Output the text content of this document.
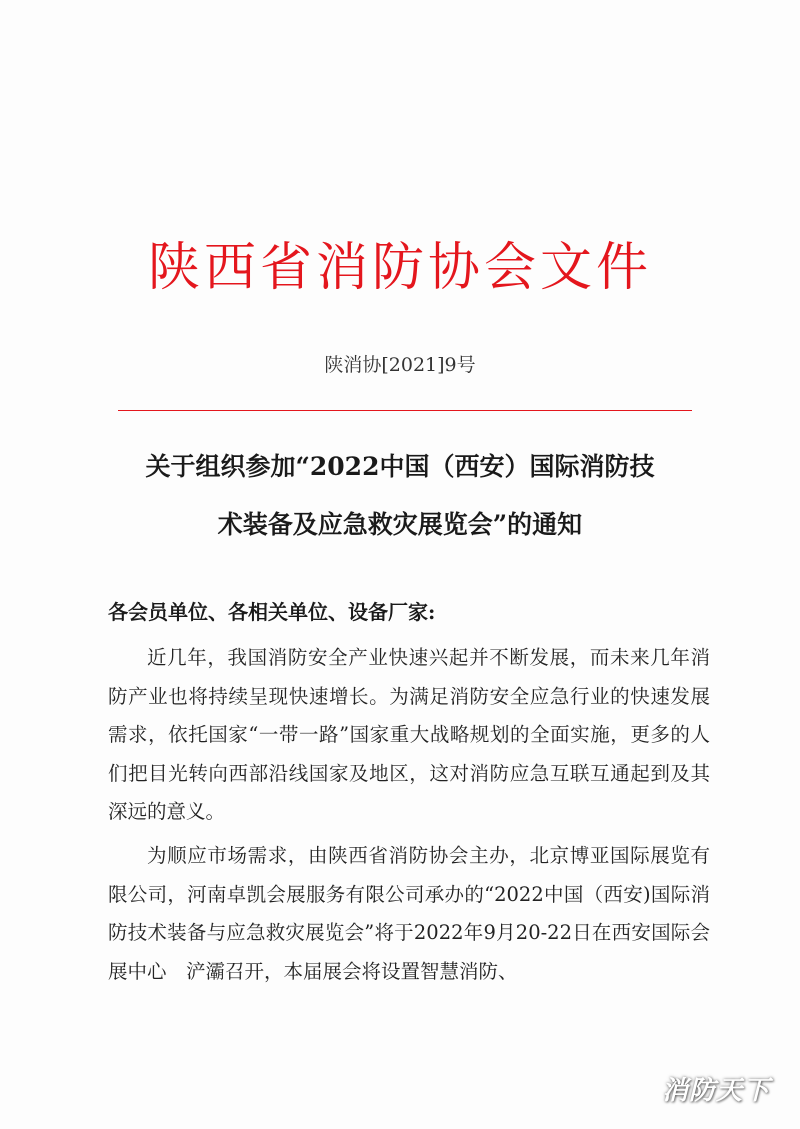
陕西省消防协会文件
陕消协[2021]9号
关于组织参加“2022中国（西安）国际消防技
术装备及应急救灾展览会”的通知
各会员单位、各相关单位、设备厂家:

近几年，我国消防安全产业快速兴起并不断发展，而未来几年消防产业也将持续呈现快速增长。为满足消防安全应急行业的快速发展需求，依托国家“一带一路”国家重大战略规划的全面实施，更多的人们把目光转向西部沿线国家及地区，这对消防应急互联互通起到及其深远的意义。

为顺应市场需求，由陕西省消防协会主办，北京博亚国际展览有限公司，河南卓凯会展服务有限公司承办的“2022中国（西安)国际消防技术装备与应急救灾展览会”将于2022年9月20-22日在西安国际会展中心　浐灞召开，本届展会将设置智慧消防、

消防天下
